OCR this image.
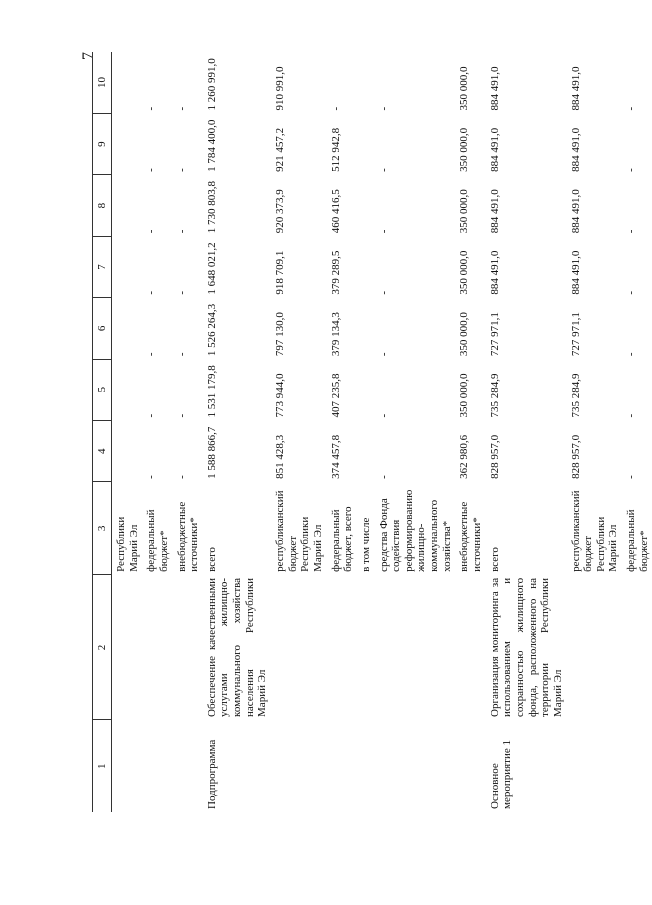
7
1	2	3	4	5	6	7	8	9	10
		Республики Марий Эл							
		федеральный бюджет*	-	-	-	-	-	-	-
		внебюджетные источники*	-	-	-	-	-	-	-
Подпрограмма	Обеспечение качественными услугами жилищно-коммунального хозяйства населения Республики Марий Эл	всего	1 588 866,7	1 531 179,8	1 526 264,3	1 648 021,2	1 730 803,8	1 784 400,0	1 260 991,0
		республиканский бюджет Республики Марий Эл	851 428,3	773 944,0	797 130,0	918 709,1	920 373,9	921 457,2	910 991,0
		федеральный бюджет, всего	374 457,8	407 235,8	379 134,3	379 289,5	460 416,5	512 942,8	-
		в том числе							
		средства Фонда содействия реформированию жилищно-коммунального хозяйства*	-	-	-	-	-	-	-
		внебюджетные источники*	362 980,6	350 000,0	350 000,0	350 000,0	350 000,0	350 000,0	350 000,0
Основное мероприятие 1	Организация мониторинга за использованием и сохранностью жилищного фонда, расположенного на территории Республики Марий Эл	всего	828 957,0	735 284,9	727 971,1	884 491,0	884 491,0	884 491,0	884 491,0
		республиканский бюджет Республики Марий Эл	828 957,0	735 284,9	727 971,1	884 491,0	884 491,0	884 491,0	884 491,0
		федеральный бюджет*	-	-	-	-	-	-	-
